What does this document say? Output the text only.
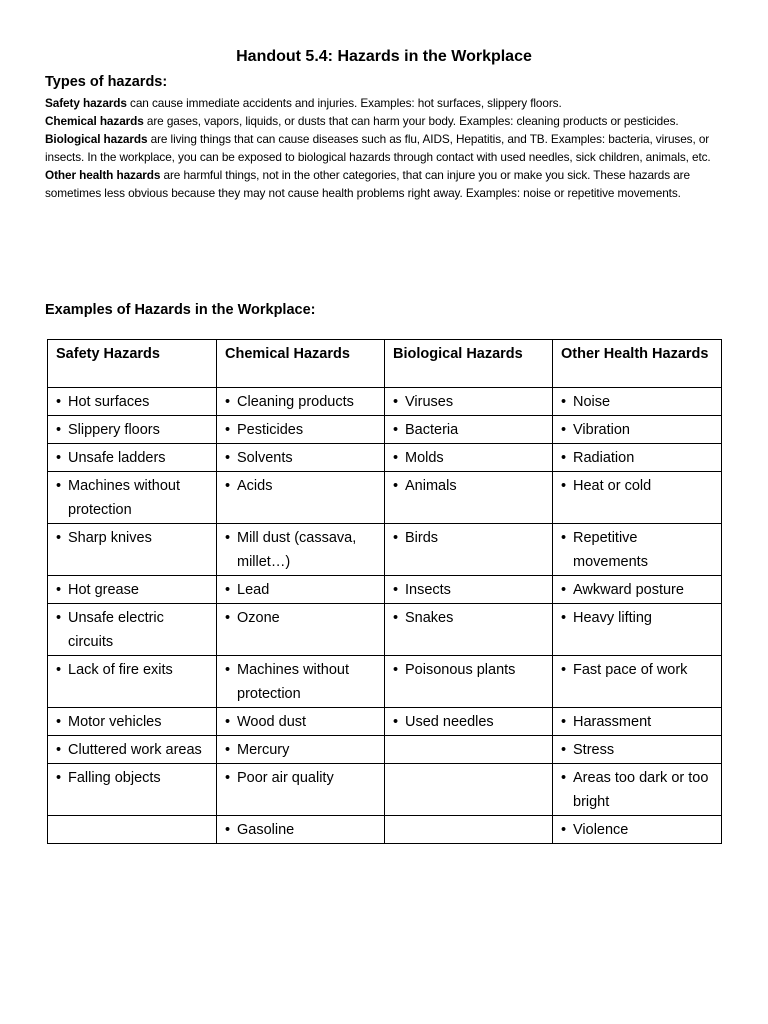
Handout 5.4: Hazards in the Workplace
Types of hazards:

Safety hazards can cause immediate accidents and injuries. Examples: hot surfaces, slippery floors.

Chemical hazards are gases, vapors, liquids, or dusts that can harm your body. Examples: cleaning products or pesticides.

Biological hazards are living things that can cause diseases such as flu, AIDS, Hepatitis, and TB. Examples: bacteria, viruses, or insects. In the workplace, you can be exposed to biological hazards through contact with used needles, sick children, animals, etc.

Other health hazards are harmful things, not in the other categories, that can injure you or make you sick. These hazards are sometimes less obvious because they may not cause health problems right away. Examples: noise or repetitive movements.

Examples of Hazards in the Workplace:
Safety Hazards	Chemical Hazards	Biological Hazards	Other Health Hazards

• Hot surfaces	• Cleaning products	• Viruses	• Noise

• Slippery floors	• Pesticides	• Bacteria	• Vibration

• Unsafe ladders	• Solvents	• Molds	• Radiation

• Machines without protection	• Acids	• Animals	• Heat or cold

• Sharp knives	• Mill dust (cassava, millet…)	• Birds	• Repetitive movements

• Hot grease	• Lead	• Insects	• Awkward posture

• Unsafe electric circuits	• Ozone	• Snakes	• Heavy lifting

• Lack of fire exits	• Machines without protection	• Poisonous plants	• Fast pace of work

• Motor vehicles	• Wood dust	• Used needles	• Harassment

• Cluttered work areas	• Mercury		• Stress

• Falling objects	• Poor air quality		• Areas too dark or too bright

	• Gasoline		• Violence
